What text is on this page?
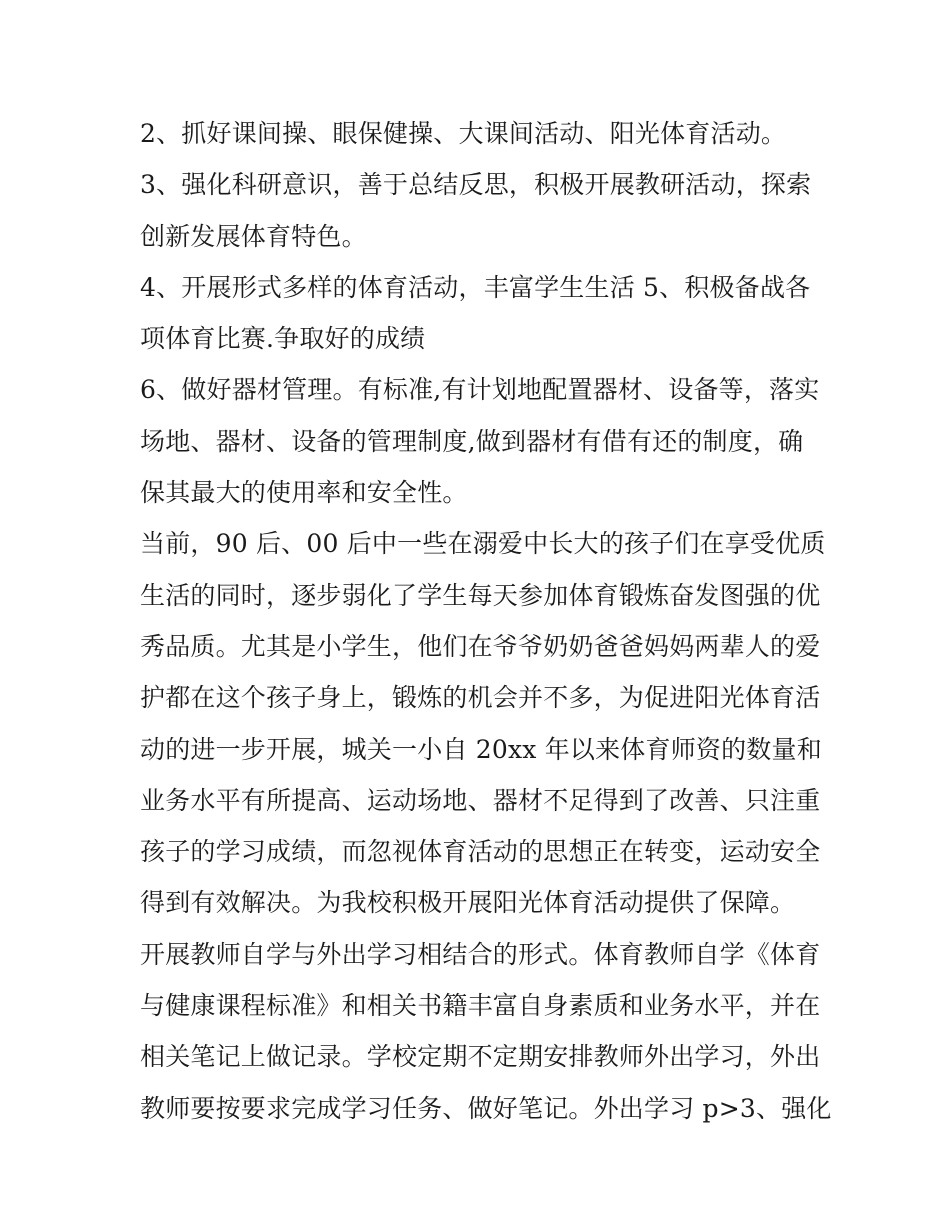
2、抓好课间操、眼保健操、大课间活动、阳光体育活动。
3、强化科研意识，善于总结反思，积极开展教研活动，探索
创新发展体育特色。
4、开展形式多样的体育活动，丰富学生生活 5、积极备战各
项体育比赛.争取好的成绩
6、做好器材管理。有标准,有计划地配置器材、设备等，落实
场地、器材、设备的管理制度,做到器材有借有还的制度，确
保其最大的使用率和安全性。
当前，90 后、00 后中一些在溺爱中长大的孩子们在享受优质
生活的同时，逐步弱化了学生每天参加体育锻炼奋发图强的优
秀品质。尤其是小学生，他们在爷爷奶奶爸爸妈妈两辈人的爱
护都在这个孩子身上，锻炼的机会并不多，为促进阳光体育活
动的进一步开展，城关一小自 20xx 年以来体育师资的数量和
业务水平有所提高、运动场地、器材不足得到了改善、只注重
孩子的学习成绩，而忽视体育活动的思想正在转变，运动安全
得到有效解决。为我校积极开展阳光体育活动提供了保障。
开展教师自学与外出学习相结合的形式。体育教师自学《体育
与健康课程标准》和相关书籍丰富自身素质和业务水平，并在
相关笔记上做记录。学校定期不定期安排教师外出学习，外出
教师要按要求完成学习任务、做好笔记。外出学习 p>3、强化
